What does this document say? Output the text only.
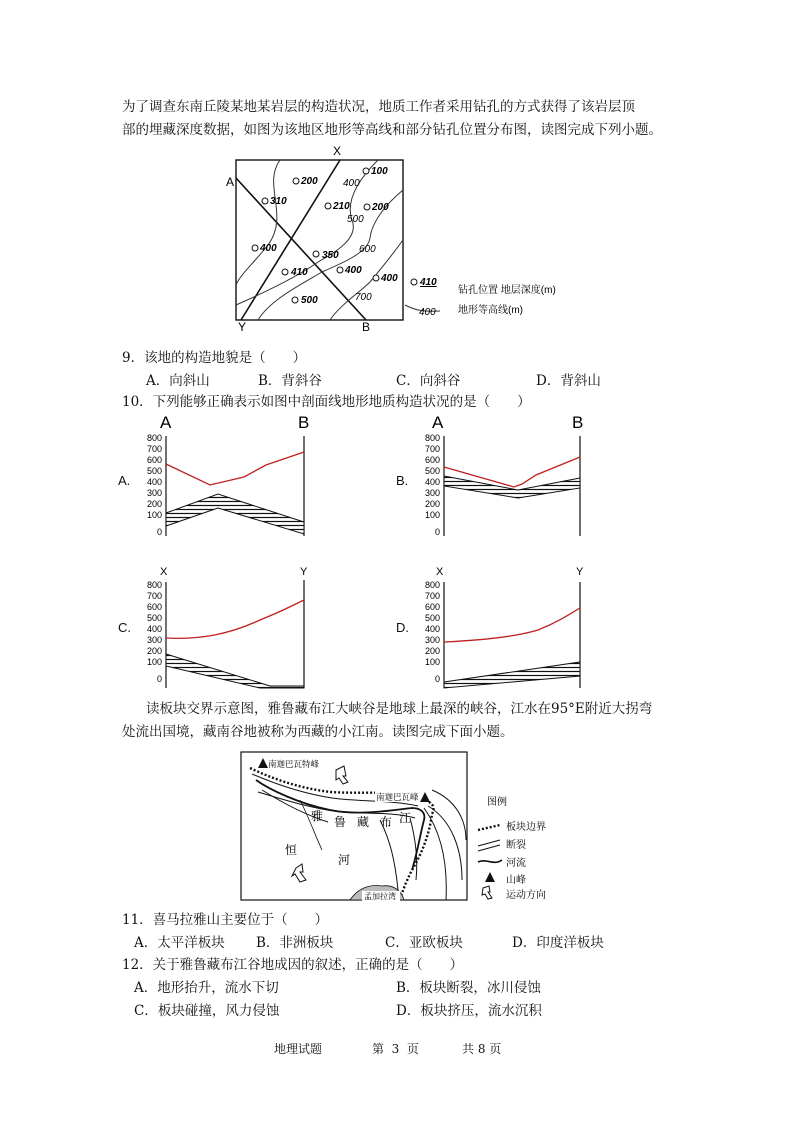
为了调查东南丘陵某地某岩层的构造状况，地质工作者采用钻孔的方式获得了该岩层顶
部的埋藏深度数据，如图为该地区地形等高线和部分钻孔位置分布图，读图完成下列小题。
X
A
Y	B
400
500
600
700
200
100
310	210 200
400
350
410	400
400
500
410
钻孔位置 地层深度(m)
400 地形等高线(m)
9．该地的构造地貌是（　　）
A．向斜山	B．背斜谷	C．向斜谷	D．背斜山
10．下列能够正确表示如图中剖面线地形地质构造状况的是（　　）
A.	B.
C.	D.
A	B
800
700
600
500
400
300
200
100
0
A	B
800
700
600
500
400
300
200
100
0
X	Y
800
700
600
500
400
300
200
100
0
X	Y
800
700
600
500
400
300
200
100
0
读板块交界示意图，雅鲁藏布江大峡谷是地球上最深的峡谷，江水在95°E附近大拐弯
处流出国境，藏南谷地被称为西藏的小江南。读图完成下面小题。
南迦巴瓦特峰
南迦巴瓦峰
雅 鲁 藏 布 江
恒
河
孟加拉湾
图例
板块边界
断裂
河流
山峰
运动方向
11．喜马拉雅山主要位于（　　）
A．太平洋板块 B．非洲板块	C．亚欧板块	D．印度洋板块
12．关于雅鲁藏布江谷地成因的叙述，正确的是（　　）
A．地形抬升，流水下切	B．板块断裂，冰川侵蚀
C．板块碰撞，风力侵蚀	D．板块挤压，流水沉积
地理试题	第  3  页	共 8 页
